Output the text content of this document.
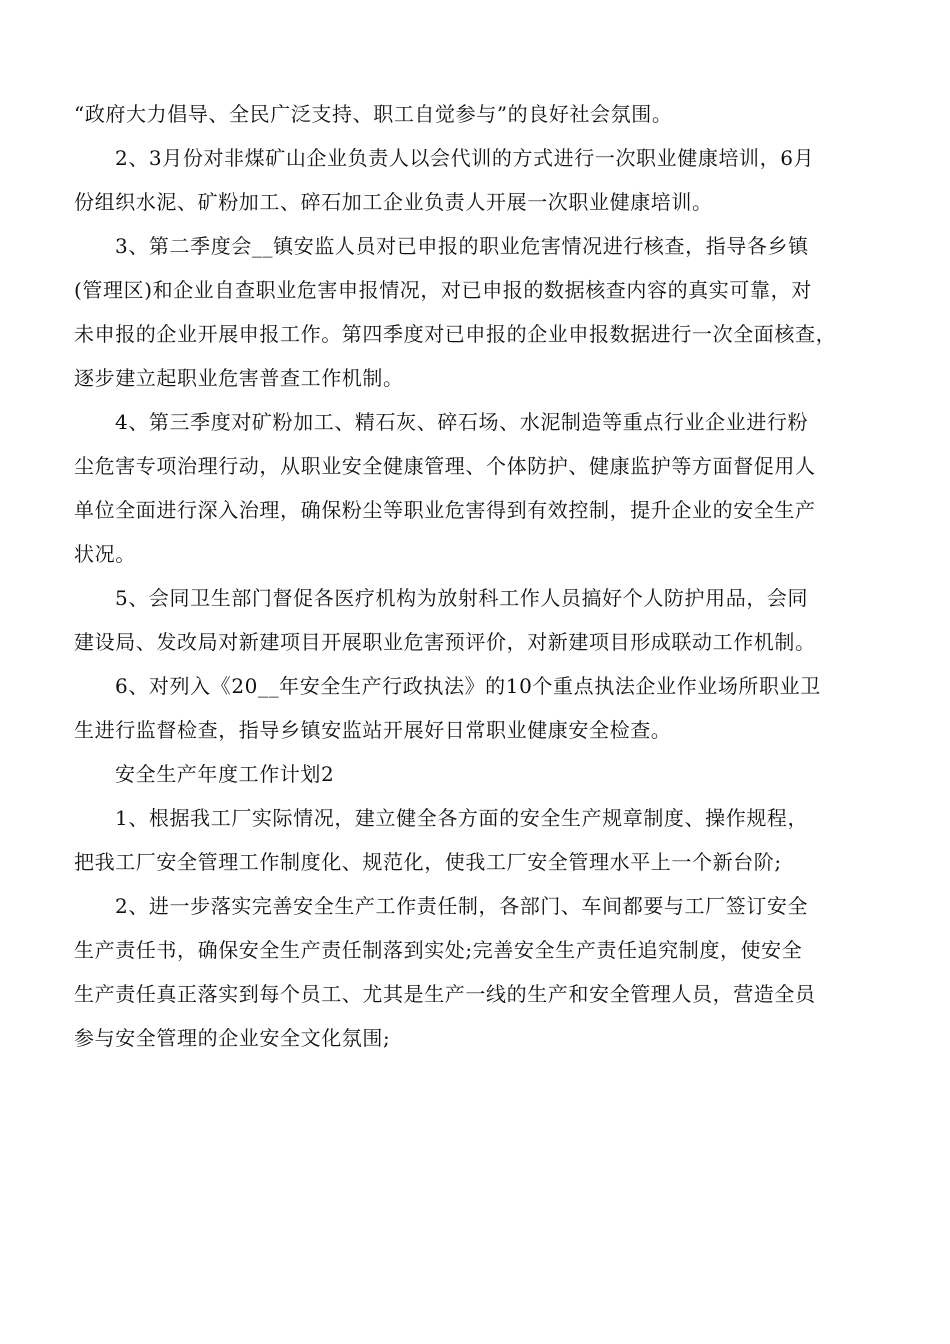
“政府大力倡导、全民广泛支持、职工自觉参与”的良好社会氛围。

2、3月份对非煤矿山企业负责人以会代训的方式进行一次职业健康培训，6月
份组织水泥、矿粉加工、碎石加工企业负责人开展一次职业健康培训。

3、第二季度会__镇安监人员对已申报的职业危害情况进行核查，指导各乡镇
(管理区)和企业自查职业危害申报情况，对已申报的数据核查内容的真实可靠，对
未申报的企业开展申报工作。第四季度对已申报的企业申报数据进行一次全面核查，
逐步建立起职业危害普查工作机制。

4、第三季度对矿粉加工、精石灰、碎石场、水泥制造等重点行业企业进行粉
尘危害专项治理行动，从职业安全健康管理、个体防护、健康监护等方面督促用人
单位全面进行深入治理，确保粉尘等职业危害得到有效控制，提升企业的安全生产
状况。

5、会同卫生部门督促各医疗机构为放射科工作人员搞好个人防护用品，会同
建设局、发改局对新建项目开展职业危害预评价，对新建项目形成联动工作机制。

6、对列入《20__年安全生产行政执法》的10个重点执法企业作业场所职业卫
生进行监督检查，指导乡镇安监站开展好日常职业健康安全检查。

安全生产年度工作计划2

1、根据我工厂实际情况，建立健全各方面的安全生产规章制度、操作规程，
把我工厂安全管理工作制度化、规范化，使我工厂安全管理水平上一个新台阶;

2、进一步落实完善安全生产工作责任制，各部门、车间都要与工厂签订安全
生产责任书，确保安全生产责任制落到实处;完善安全生产责任追究制度，使安全
生产责任真正落实到每个员工、尤其是生产一线的生产和安全管理人员，营造全员
参与安全管理的企业安全文化氛围;
